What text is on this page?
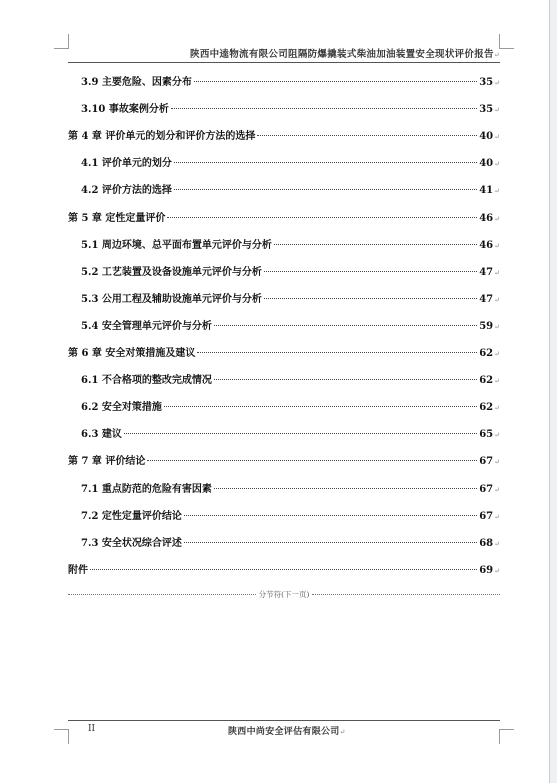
陕西中逵物流有限公司阻隔防爆撬装式柴油加油装置安全现状评价报告↵
3.9 主要危险、因素分布	35 ↵
3.10 事故案例分析	35 ↵
第 4 章 评价单元的划分和评价方法的选择	40 ↵
4.1 评价单元的划分	40 ↵
4.2 评价方法的选择	41 ↵
第 5 章 定性定量评价	46 ↵
5.1 周边环境、总平面布置单元评价与分析	46 ↵
5.2 工艺装置及设备设施单元评价与分析	47 ↵
5.3 公用工程及辅助设施单元评价与分析	47 ↵
5.4 安全管理单元评价与分析	59 ↵
第 6 章 安全对策措施及建议	62 ↵
6.1 不合格项的整改完成情况	62 ↵
6.2 安全对策措施	62 ↵
6.3 建议	65 ↵
第 7 章 评价结论	67 ↵
7.1 重点防范的危险有害因素	67 ↵
7.2 定性定量评价结论	67 ↵
7.3 安全状况综合评述	68 ↵
附件	69 ↵
分节符(下一页)
II	陕西中尚安全评估有限公司↵
